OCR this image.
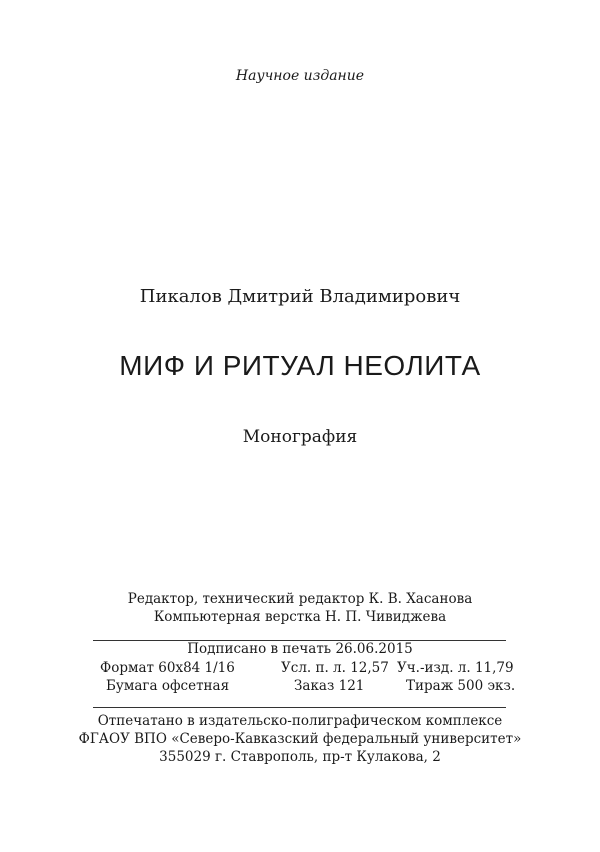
Научное издание
Пикалов Дмитрий Владимирович
МИФ И РИТУАЛ НЕОЛИТА
Монография
Редактор, технический редактор К. В. Хасанова
Компьютерная верстка Н. П. Чивиджева
Подписано в печать 26.06.2015
Формат 60x84 1/16	Усл. п. л. 12,57 Уч.-изд. л. 11,79
Бумага офсетная	Заказ 121	Тираж 500 экз.
Отпечатано в издательско-полиграфическом комплексе
ФГАОУ ВПО «Северо-Кавказский федеральный университет»
355029 г. Ставрополь, пр-т Кулакова, 2
